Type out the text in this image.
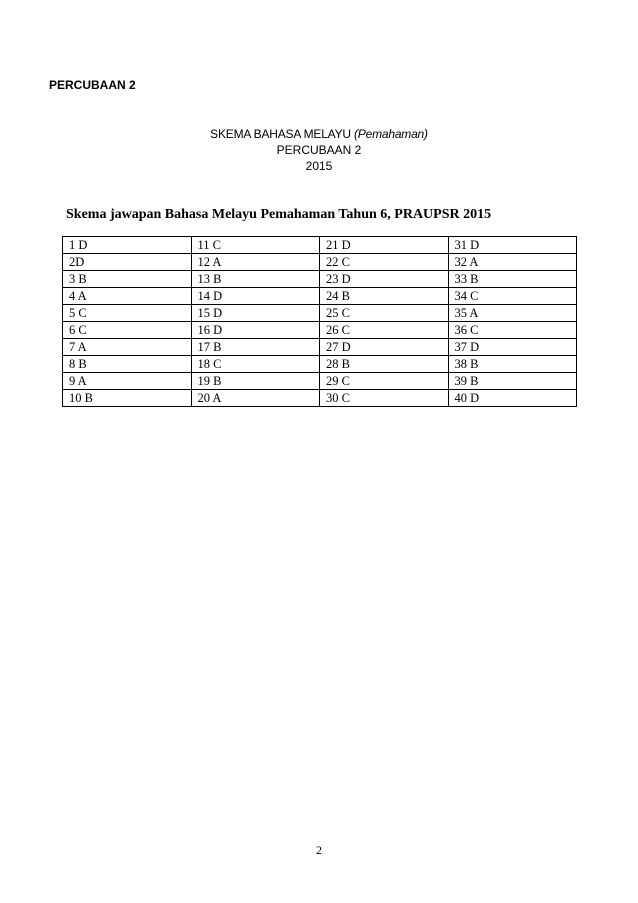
PERCUBAAN 2
SKEMA BAHASA MELAYU (Pemahaman)
PERCUBAAN 2
2015
Skema jawapan Bahasa Melayu Pemahaman Tahun 6, PRAUPSR 2015
1 D	11 C	21 D	31 D
2D	12 A	22 C	32 A
3 B	13 B	23 D	33 B
4 A	14 D	24 B	34 C
5 C	15 D	25 C	35 A
6 C	16 D	26 C	36 C
7 A	17 B	27 D	37 D
8 B	18 C	28 B	38 B
9 A	19 B	29 C	39 B
10 B	20 A	30 C	40 D
2
